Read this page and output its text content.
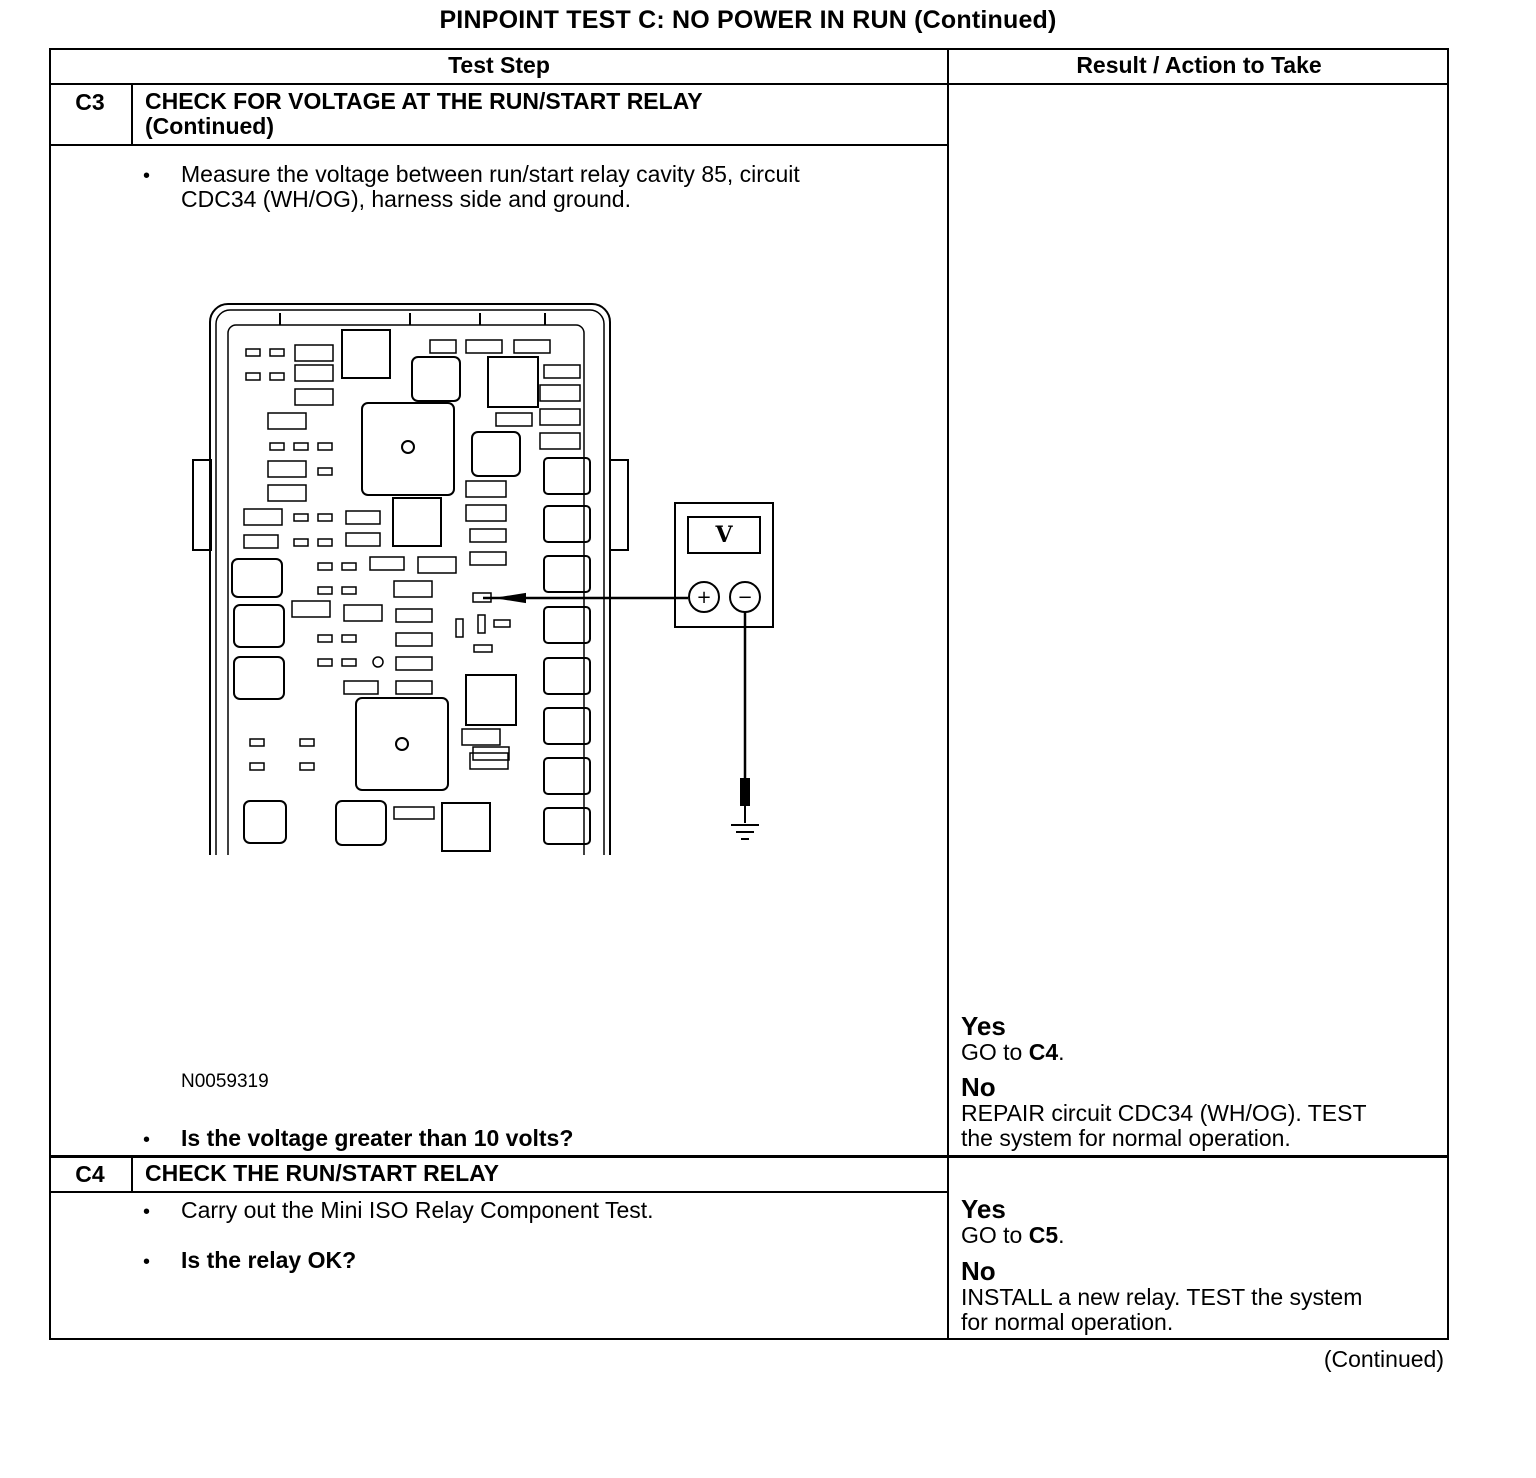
PINPOINT TEST C: NO POWER IN RUN (Continued)
Test Step	Result / Action to Take
C3	CHECK FOR VOLTAGE AT THE RUN/START RELAY
(Continued)
• Measure the voltage between run/start relay cavity 85, circuit
CDC34 (WH/OG), harness side and ground.
V
+ −
N0059319
• Is the voltage greater than 10 volts?
Yes
GO to C4.
No
REPAIR circuit CDC34 (WH/OG). TEST
the system for normal operation.
C4	CHECK THE RUN/START RELAY
• Carry out the Mini ISO Relay Component Test.
• Is the relay OK?
Yes
GO to C5.
No
INSTALL a new relay. TEST the system
for normal operation.
(Continued)
